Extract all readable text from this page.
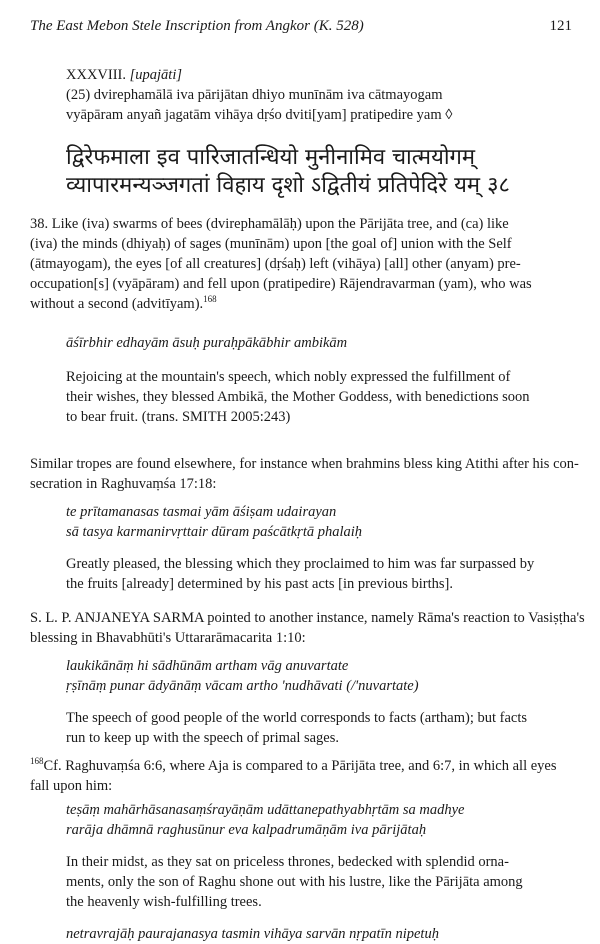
The East Mebon Stele Inscription from Angkor (K. 528)	121
XXXVIII. [upajāti]
(25) dvirephamālā iva pārijātan dhiyo munīnām iva cātmayogam
vyāpāram anyañ jagatām vihāya dṛśo dviti[yam] pratipedire yam ◊
द्विरेफमाला इव पारिजातन्धियो मुनीनामिव चात्मयोगम्
व्यापारमन्यञ्जगतां विहाय दृशो ऽद्वितीयं प्रतिपेदिरे यम् ३८
38. Like (iva) swarms of bees (dvirephamālāḥ) upon the Pārijāta tree, and (ca) like
(iva) the minds (dhiyaḥ) of sages (munīnām) upon [the goal of] union with the Self
(ātmayogam), the eyes [of all creatures] (dṛśaḥ) left (vihāya) [all] other (anyam) pre-
occupation[s] (vyāpāram) and fell upon (pratipedire) Rājendravarman (yam), who was
without a second (advitīyam).$^{168}$
āśīrbhir edhayām āsuḥ puraḥpākābhir ambikām
Rejoicing at the mountain's speech, which nobly expressed the fulfillment of
their wishes, they blessed Ambikā, the Mother Goddess, with benedictions soon
to bear fruit. (trans. SMITH 2005:243)
Similar tropes are found elsewhere, for instance when brahmins bless king Atithi after his con-
secration in Raghuvaṃśa 17:18:
te prītamanasas tasmai yām āśiṣam udairayan
sā tasya karmanirvṛttair dūram paścātkṛtā phalaiḥ
Greatly pleased, the blessing which they proclaimed to him was far surpassed by
the fruits [already] determined by his past acts [in previous births].
S. L. P. ANJANEYA SARMA pointed to another instance, namely Rāma's reaction to Vasiṣṭha's
blessing in Bhavabhūti's Uttararāmacarita 1:10:
laukikānāṃ hi sādhūnām artham vāg anuvartate
ṛṣīnāṃ punar ādyānāṃ vācam artho 'nudhāvati (/'nuvartate)
The speech of good people of the world corresponds to facts (artham); but facts
run to keep up with the speech of primal sages.
$^{168}$Cf. Raghuvaṃśa 6:6, where Aja is compared to a Pārijāta tree, and 6:7, in which all eyes
fall upon him:
teṣāṃ mahārhāsanasaṃśrayāṇām udāttanepathyabhṛtām sa madhye
rarāja dhāmnā raghusūnur eva kalpadrumāṇām iva pārijātaḥ
In their midst, as they sat on priceless thrones, bedecked with splendid orna-
ments, only the son of Raghu shone out with his lustre, like the Pārijāta among
the heavenly wish-fulfilling trees.
netravrajāḥ paurajanasya tasmin vihāya sarvān nṛpatīn nipetuḥ
